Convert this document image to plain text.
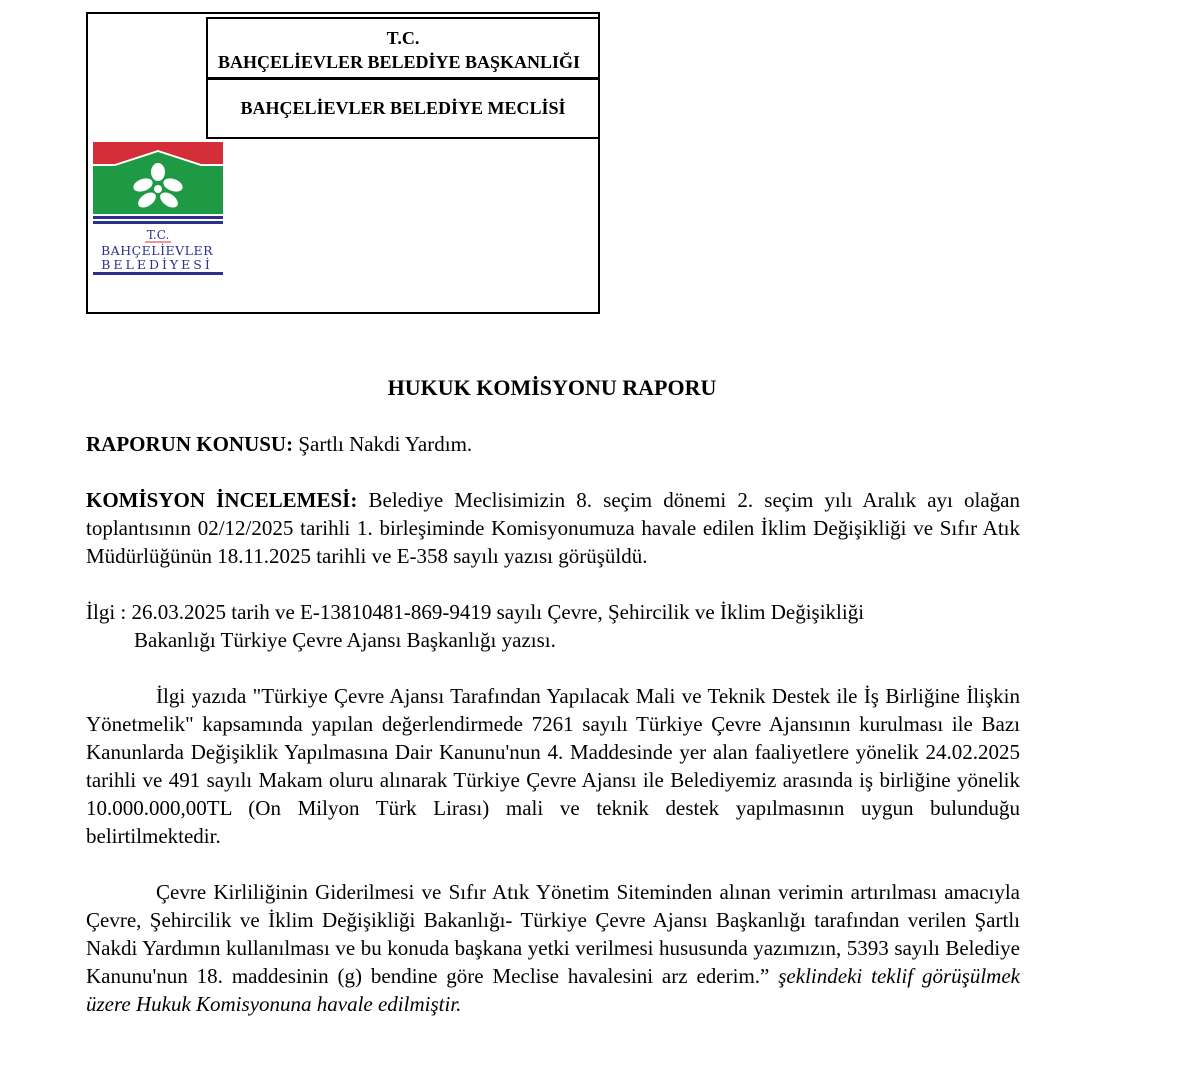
T.C.
BAHÇELİEVLER BELEDİYE BAŞKANLIĞI
BAHÇELİEVLER BELEDİYE MECLİSİ
T.C.
BAHÇELİEVLER
BELEDİYESİ
HUKUK KOMİSYONU RAPORU
RAPORUN KONUSU: Şartlı Nakdi Yardım.
KOMİSYON İNCELEMESİ: Belediye Meclisimizin 8. seçim dönemi 2. seçim yılı Aralık ayı olağan toplantısının 02/12/2025 tarihli 1. birleşiminde Komisyonumuza havale edilen İklim Değişikliği ve Sıfır Atık Müdürlüğünün 18.11.2025 tarihli ve E-358 sayılı yazısı görüşüldü.
İlgi : 26.03.2025 tarih ve E-13810481-869-9419 sayılı Çevre, Şehircilik ve İklim Değişikliği
Bakanlığı Türkiye Çevre Ajansı Başkanlığı yazısı.
İlgi yazıda "Türkiye Çevre Ajansı Tarafından Yapılacak Mali ve Teknik Destek ile İş Birliğine İlişkin Yönetmelik" kapsamında yapılan değerlendirmede 7261 sayılı Türkiye Çevre Ajansının kurulması ile Bazı Kanunlarda Değişiklik Yapılmasına Dair Kanunu'nun 4. Maddesinde yer alan faaliyetlere yönelik 24.02.2025 tarihli ve 491 sayılı Makam oluru alınarak Türkiye Çevre Ajansı ile Belediyemiz arasında iş birliğine yönelik 10.000.000,00TL (On Milyon Türk Lirası) mali ve teknik destek yapılmasının uygun bulunduğu belirtilmektedir.
Çevre Kirliliğinin Giderilmesi ve Sıfır Atık Yönetim Siteminden alınan verimin artırılması amacıyla Çevre, Şehircilik ve İklim Değişikliği Bakanlığı- Türkiye Çevre Ajansı Başkanlığı tarafından verilen Şartlı Nakdi Yardımın kullanılması ve bu konuda başkana yetki verilmesi hususunda yazımızın, 5393 sayılı Belediye Kanunu'nun 18. maddesinin (g) bendine göre Meclise havalesini arz ederim.” şeklindeki teklif görüşülmek üzere Hukuk Komisyonuna havale edilmiştir.
